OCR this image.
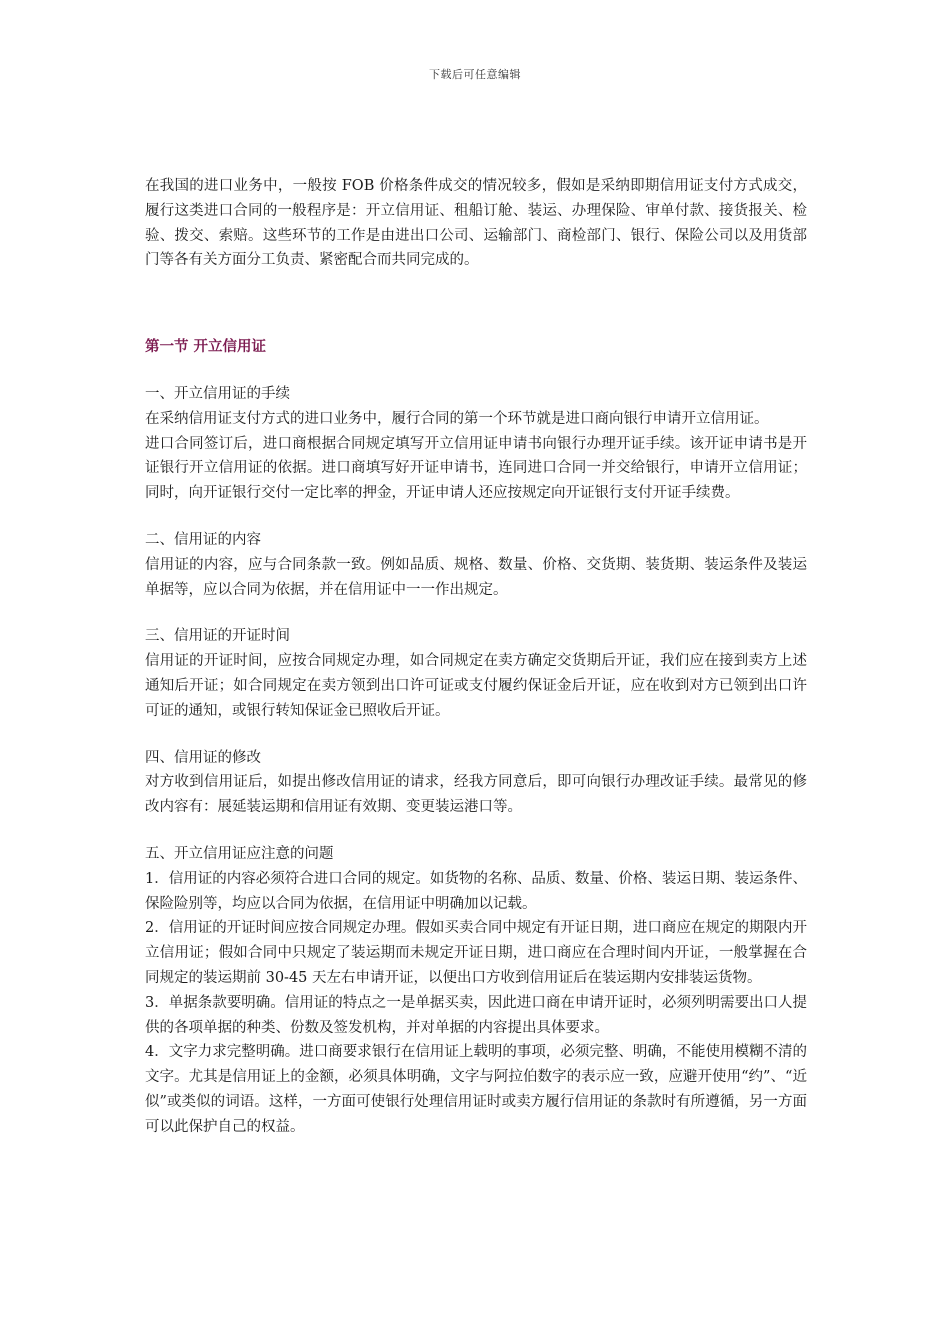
下载后可任意编辑

在我国的进口业务中，一般按 FOB 价格条件成交的情况较多，假如是采纳即期信用证支付方式成交，履行这类进口合同的一般程序是：开立信用证、租船订舱、装运、办理保险、审单付款、接货报关、检验、拨交、索赔。这些环节的工作是由进出口公司、运输部门、商检部门、银行、保险公司以及用货部门等各有关方面分工负责、紧密配合而共同完成的。

第一节 开立信用证

一、开立信用证的手续

在采纳信用证支付方式的进口业务中，履行合同的第一个环节就是进口商向银行申请开立信用证。

进口合同签订后，进口商根据合同规定填写开立信用证申请书向银行办理开证手续。该开证申请书是开证银行开立信用证的依据。进口商填写好开证申请书，连同进口合同一并交给银行，申请开立信用证；同时，向开证银行交付一定比率的押金，开证申请人还应按规定向开证银行支付开证手续费。

二、信用证的内容

信用证的内容，应与合同条款一致。例如品质、规格、数量、价格、交货期、装货期、装运条件及装运单据等，应以合同为依据，并在信用证中一一作出规定。

三、信用证的开证时间

信用证的开证时间，应按合同规定办理，如合同规定在卖方确定交货期后开证，我们应在接到卖方上述通知后开证；如合同规定在卖方领到出口许可证或支付履约保证金后开证，应在收到对方已领到出口许可证的通知，或银行转知保证金已照收后开证。

四、信用证的修改

对方收到信用证后，如提出修改信用证的请求，经我方同意后，即可向银行办理改证手续。最常见的修改内容有：展延装运期和信用证有效期、变更装运港口等。

五、开立信用证应注意的问题

1．信用证的内容必须符合进口合同的规定。如货物的名称、品质、数量、价格、装运日期、装运条件、保险险别等，均应以合同为依据，在信用证中明确加以记载。

2．信用证的开证时间应按合同规定办理。假如买卖合同中规定有开证日期，进口商应在规定的期限内开立信用证；假如合同中只规定了装运期而未规定开证日期，进口商应在合理时间内开证，一般掌握在合同规定的装运期前 30-45 天左右申请开证，以便出口方收到信用证后在装运期内安排装运货物。

3．单据条款要明确。信用证的特点之一是单据买卖，因此进口商在申请开证时，必须列明需要出口人提供的各项单据的种类、份数及签发机构，并对单据的内容提出具体要求。

4．文字力求完整明确。进口商要求银行在信用证上载明的事项，必须完整、明确，不能使用模糊不清的文字。尤其是信用证上的金额，必须具体明确，文字与阿拉伯数字的表示应一致，应避开使用“约”、“近似”或类似的词语。这样，一方面可使银行处理信用证时或卖方履行信用证的条款时有所遵循，另一方面可以此保护自己的权益。
